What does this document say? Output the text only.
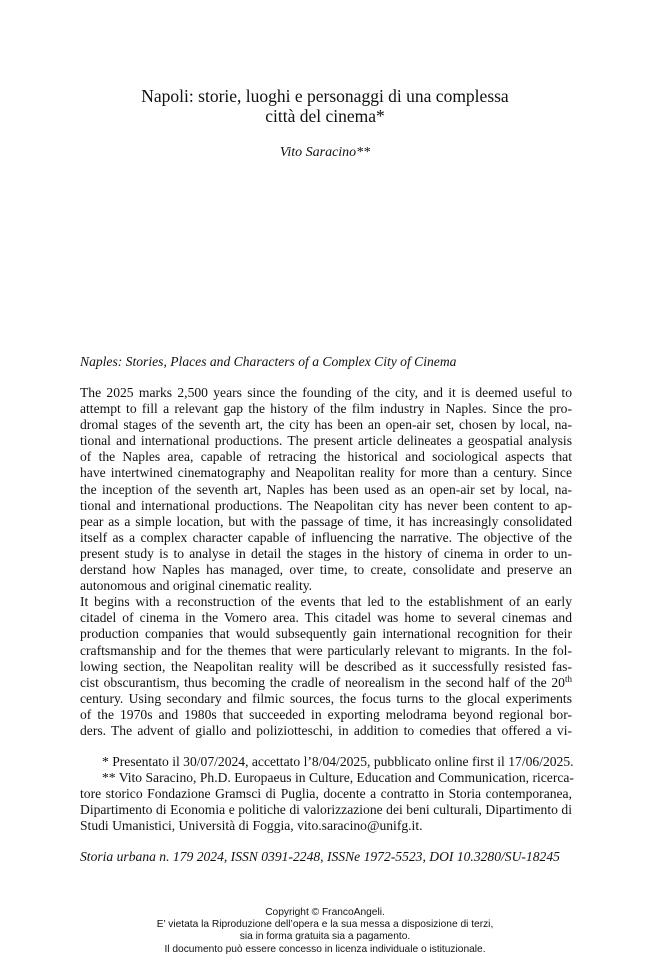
Napoli: storie, luoghi e personaggi di una complessa
città del cinema*
Vito Saracino**
Naples: Stories, Places and Characters of a Complex City of Cinema
The 2025 marks 2,500 years since the founding of the city, and it is deemed useful to
attempt to fill a relevant gap the history of the film industry in Naples. Since the pro-
dromal stages of the seventh art, the city has been an open-air set, chosen by local, na-
tional and international productions. The present article delineates a geospatial analysis
of the Naples area, capable of retracing the historical and sociological aspects that
have intertwined cinematography and Neapolitan reality for more than a century. Since
the inception of the seventh art, Naples has been used as an open-air set by local, na-
tional and international productions. The Neapolitan city has never been content to ap-
pear as a simple location, but with the passage of time, it has increasingly consolidated
itself as a complex character capable of influencing the narrative. The objective of the
present study is to analyse in detail the stages in the history of cinema in order to un-
derstand how Naples has managed, over time, to create, consolidate and preserve an
autonomous and original cinematic reality.
It begins with a reconstruction of the events that led to the establishment of an early
citadel of cinema in the Vomero area. This citadel was home to several cinemas and
production companies that would subsequently gain international recognition for their
craftsmanship and for the themes that were particularly relevant to migrants. In the fol-
lowing section, the Neapolitan reality will be described as it successfully resisted fas-
cist obscurantism, thus becoming the cradle of neorealism in the second half of the 20th
century. Using secondary and filmic sources, the focus turns to the glocal experiments
of the 1970s and 1980s that succeeded in exporting melodrama beyond regional bor-
ders. The advent of giallo and poliziotteschi, in addition to comedies that offered a vi-
* Presentato il 30/07/2024, accettato l’8/04/2025, pubblicato online first il 17/06/2025.
** Vito Saracino, Ph.D. Europaeus in Culture, Education and Communication, ricerca-
tore storico Fondazione Gramsci di Puglia, docente a contratto in Storia contemporanea,
Dipartimento di Economia e politiche di valorizzazione dei beni culturali, Dipartimento di
Studi Umanistici, Università di Foggia, vito.saracino@unifg.it.
Storia urbana n. 179 2024, ISSN 0391-2248, ISSNe 1972-5523, DOI 10.3280/SU-18245
Copyright © FrancoAngeli.
E’ vietata la Riproduzione dell’opera e la sua messa a disposizione di terzi,
sia in forma gratuita sia a pagamento.
Il documento può essere concesso in licenza individuale o istituzionale.
